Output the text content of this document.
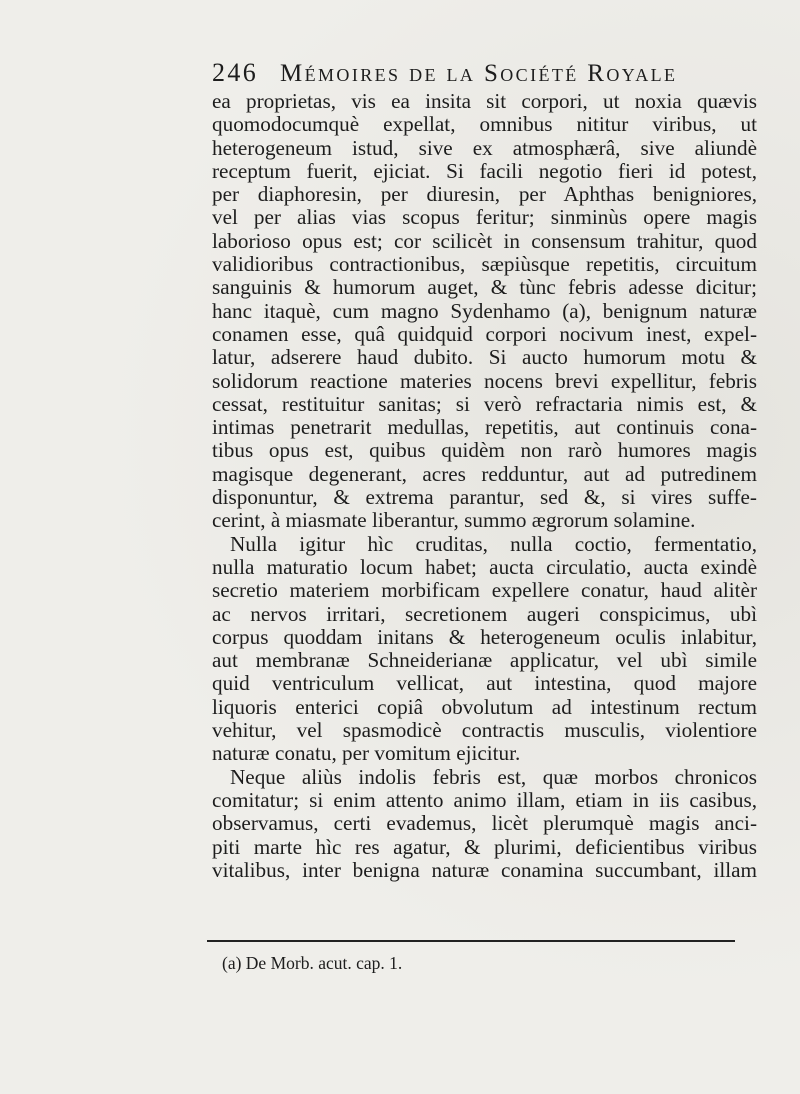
246 Mémoires de la Société Royale
ea proprietas, vis ea insita sit corpori, ut noxia quævis
quomodocumquè expellat, omnibus nititur viribus, ut
heterogeneum istud, sive ex atmosphærâ, sive aliundè
receptum fuerit, ejiciat. Si facili negotio fieri id potest,
per diaphoresin, per diuresin, per Aphthas benigniores,
vel per alias vias scopus feritur; sinminùs opere magis
laborioso opus est; cor scilicèt in consensum trahitur, quod
validioribus contractionibus, sæpiùsque repetitis, circuitum
sanguinis & humorum auget, & tùnc febris adesse dicitur;
hanc itaquè, cum magno Sydenhamo (a), benignum naturæ
conamen esse, quâ quidquid corpori nocivum inest, expel-
latur, adserere haud dubito. Si aucto humorum motu &
solidorum reactione materies nocens brevi expellitur, febris
cessat, restituitur sanitas; si verò refractaria nimis est, &
intimas penetrarit medullas, repetitis, aut continuis cona-
tibus opus est, quibus quidèm non rarò humores magis
magisque degenerant, acres redduntur, aut ad putredinem
disponuntur, & extrema parantur, sed &, si vires suffe-
cerint, à miasmate liberantur, summo ægrorum solamine.
Nulla igitur hìc cruditas, nulla coctio, fermentatio,
nulla maturatio locum habet; aucta circulatio, aucta exindè
secretio materiem morbificam expellere conatur, haud alitèr
ac nervos irritari, secretionem augeri conspicimus, ubì
corpus quoddam initans & heterogeneum oculis inlabitur,
aut membranæ Schneiderianæ applicatur, vel ubì simile
quid ventriculum vellicat, aut intestina, quod majore
liquoris enterici copiâ obvolutum ad intestinum rectum
vehitur, vel spasmodicè contractis musculis, violentiore
naturæ conatu, per vomitum ejicitur.
Neque aliùs indolis febris est, quæ morbos chronicos
comitatur; si enim attento animo illam, etiam in iis casibus,
observamus, certi evademus, licèt plerumquè magis anci-
piti marte hìc res agatur, & plurimi, deficientibus viribus
vitalibus, inter benigna naturæ conamina succumbant, illam
(a) De Morb. acut. cap. 1.
